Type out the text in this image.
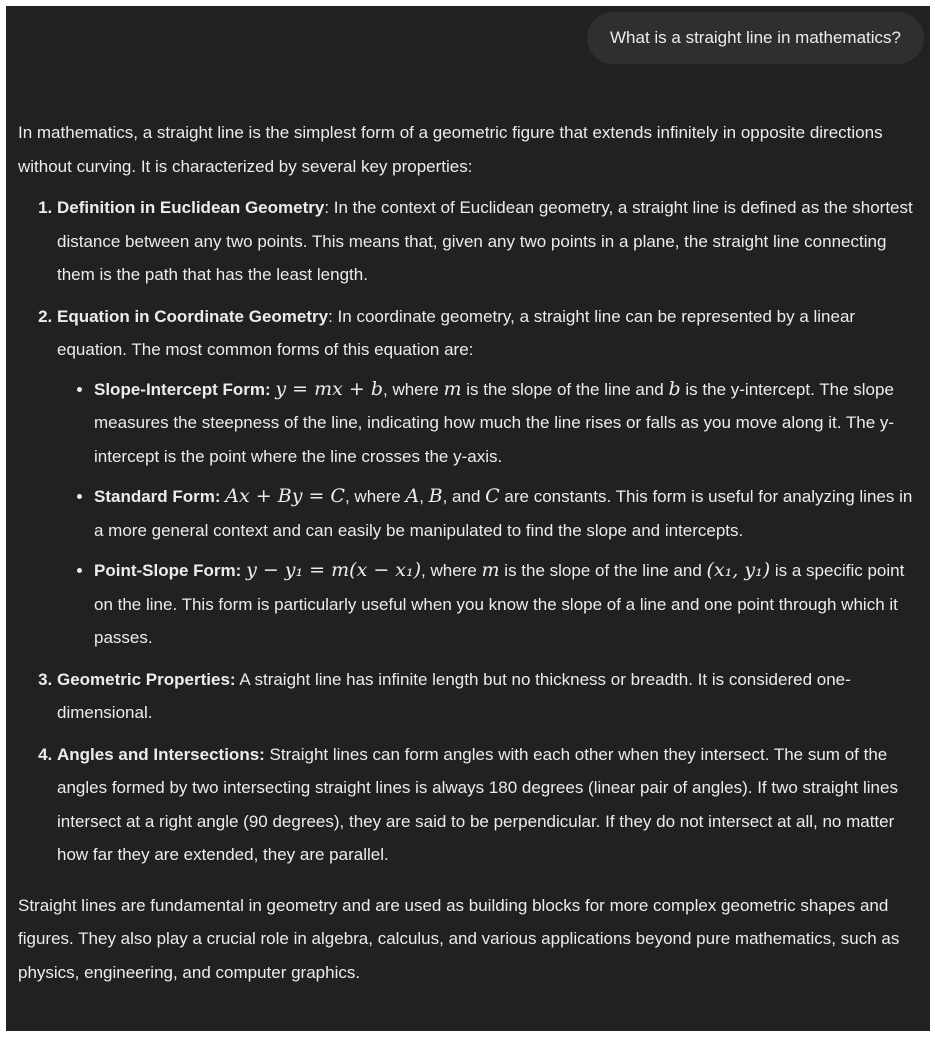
What is a straight line in mathematics?

In mathematics, a straight line is the simplest form of a geometric figure that extends infinitely in opposite directions without curving. It is characterized by several key properties:

1. Definition in Euclidean Geometry: In the context of Euclidean geometry, a straight line is defined as the shortest distance between any two points. This means that, given any two points in a plane, the straight line connecting them is the path that has the least length.
2. Equation in Coordinate Geometry: In coordinate geometry, a straight line can be represented by a linear equation. The most common forms of this equation are:
• Slope-Intercept Form: y = mx + b, where m is the slope of the line and b is the y-intercept. The slope measures the steepness of the line, indicating how much the line rises or falls as you move along it. The y-intercept is the point where the line crosses the y-axis.
• Standard Form: Ax + By = C, where A, B, and C are constants. This form is useful for analyzing lines in a more general context and can easily be manipulated to find the slope and intercepts.
• Point-Slope Form: y − y₁ = m(x − x₁), where m is the slope of the line and (x₁, y₁) is a specific point on the line. This form is particularly useful when you know the slope of a line and one point through which it passes.
3. Geometric Properties: A straight line has infinite length but no thickness or breadth. It is considered one-dimensional.
4. Angles and Intersections: Straight lines can form angles with each other when they intersect. The sum of the angles formed by two intersecting straight lines is always 180 degrees (linear pair of angles). If two straight lines intersect at a right angle (90 degrees), they are said to be perpendicular. If they do not intersect at all, no matter how far they are extended, they are parallel.

Straight lines are fundamental in geometry and are used as building blocks for more complex geometric shapes and figures. They also play a crucial role in algebra, calculus, and various applications beyond pure mathematics, such as physics, engineering, and computer graphics.
